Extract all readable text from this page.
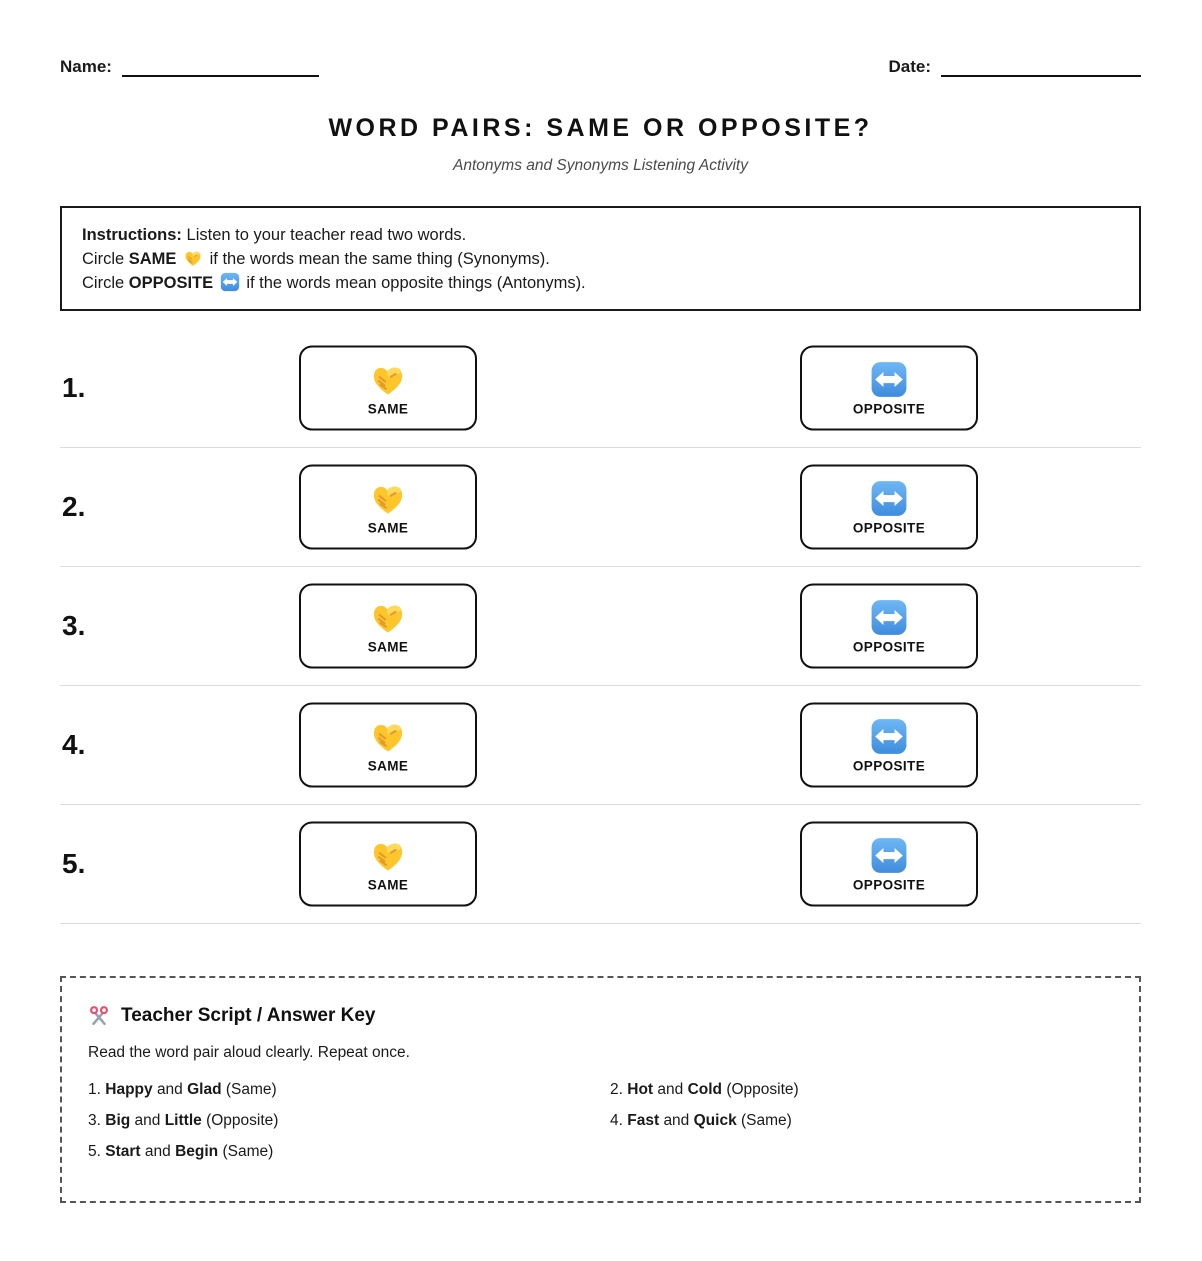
Name:	Date:
WORD PAIRS: SAME OR OPPOSITE?
Antonyms and Synonyms Listening Activity
Instructions: Listen to your teacher read two words.
Circle SAME if the words mean the same thing (Synonyms).
Circle OPPOSITE if the words mean opposite things (Antonyms).
1.
SAME	OPPOSITE
2.
SAME	OPPOSITE
3.
SAME	OPPOSITE
4.
SAME	OPPOSITE
5.
SAME	OPPOSITE
Teacher Script / Answer Key
Read the word pair aloud clearly. Repeat once.
1. Happy and Glad (Same)	2. Hot and Cold (Opposite)
3. Big and Little (Opposite)	4. Fast and Quick (Same)
5. Start and Begin (Same)
